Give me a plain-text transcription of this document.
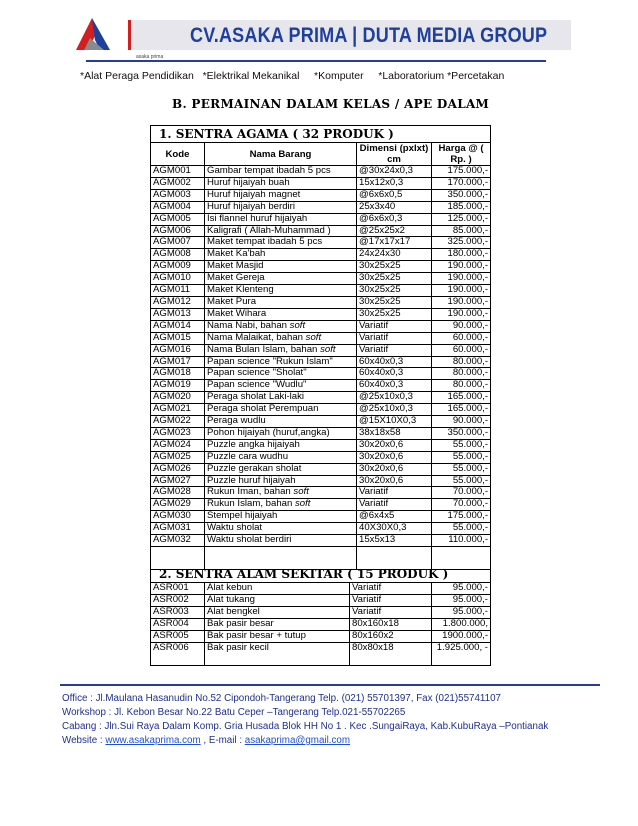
CV.ASAKA PRIMA | DUTA MEDIA GROUP
asaka prima
*Alat Peraga Pendidikan   *Elektrikal Mekanikal     *Komputer     *Laboratorium *Percetakan
B. PERMAINAN DALAM KELAS / APE DALAM
1. SENTRA AGAMA ( 32 PRODUK )			
Kode	Nama Barang	Dimensi (pxlxt) cm	Harga @ ( Rp. )
AGM001	Gambar tempat ibadah 5 pcs	@30x24x0,3	175.000,-
AGM002	Huruf hijaiyah buah	15x12x0,3	170.000,-
AGM003	Huruf hijaiyah magnet	@6x6x0,5	350.000,-
AGM004	Huruf hijaiyah berdiri	25x3x40	185.000,-
AGM005	Isi flannel huruf hijaiyah	@6x6x0,3	125.000,-
AGM006	Kaligrafi ( Allah-Muhammad )	@25x25x2	85.000,-
AGM007	Maket tempat ibadah 5 pcs	@17x17x17	325.000,-
AGM008	Maket Ka'bah	24x24x30	180.000,-
AGM009	Maket Masjid	30x25x25	190.000,-
AGM010	Maket Gereja	30x25x25	190.000,-
AGM011	Maket Klenteng	30x25x25	190.000,-
AGM012	Maket Pura	30x25x25	190.000,-
AGM013	Maket Wihara	30x25x25	190.000,-
AGM014	Nama Nabi, bahan soft	Variatif	90.000,-
AGM015	Nama Malaikat, bahan soft	Variatif	60.000,-
AGM016	Nama Bulan Islam, bahan soft	Variatif	60.000,-
AGM017	Papan science "Rukun Islam"	60x40x0,3	80.000,-
AGM018	Papan science "Sholat"	60x40x0,3	80.000,-
AGM019	Papan science "Wudlu"	60x40x0,3	80.000,-
AGM020	Peraga sholat Laki-laki	@25x10x0,3	165.000,-
AGM021	Peraga sholat Perempuan	@25x10x0,3	165.000,-
AGM022	Peraga wudlu	@15X10X0,3	90.000,-
AGM023	Pohon hijaiyah (huruf,angka)	38x18x58	350.000,-
AGM024	Puzzle angka hijaiyah	30x20x0,6	55.000,-
AGM025	Puzzle cara wudhu	30x20x0,6	55.000,-
AGM026	Puzzle gerakan sholat	30x20x0,6	55.000,-
AGM027	Puzzle huruf hijaiyah	30x20x0,6	55.000,-
AGM028	Rukun Iman, bahan soft	Variatif	70.000,-
AGM029	Rukun Islam, bahan soft	Variatif	70.000,-
AGM030	Stempel hijaiyah	@6x4x5	175.000,-
AGM031	Waktu sholat	40X30X0,3	55.000,-
AGM032	Waktu sholat berdiri	15x5x13	110.000,-

2. SENTRA ALAM SEKITAR ( 15 PRODUK )			
ASR001	Alat kebun	Variatif	95.000,-
ASR002	Alat tukang	Variatif	95.000,-
ASR003	Alat bengkel	Variatif	95.000,-
ASR004	Bak pasir besar	80x160x18	1.800.000,
ASR005	Bak pasir besar + tutup	80x160x2	1900.000,-
ASR006	Bak pasir kecil	80x80x18	1.925.000, -
Office : Jl.Maulana Hasanudin No.52 Cipondoh-Tangerang Telp. (021) 55701397, Fax (021)55741107
Workshop : Jl. Kebon Besar No.22 Batu Ceper –Tangerang Telp.021-55702265
Cabang : Jln.Sui Raya Dalam Komp. Gria Husada Blok HH No 1 . Kec .SungaiRaya, Kab.KubuRaya –Pontianak
Website : www.asakaprima.com , E-mail : asakaprima@gmail.com
